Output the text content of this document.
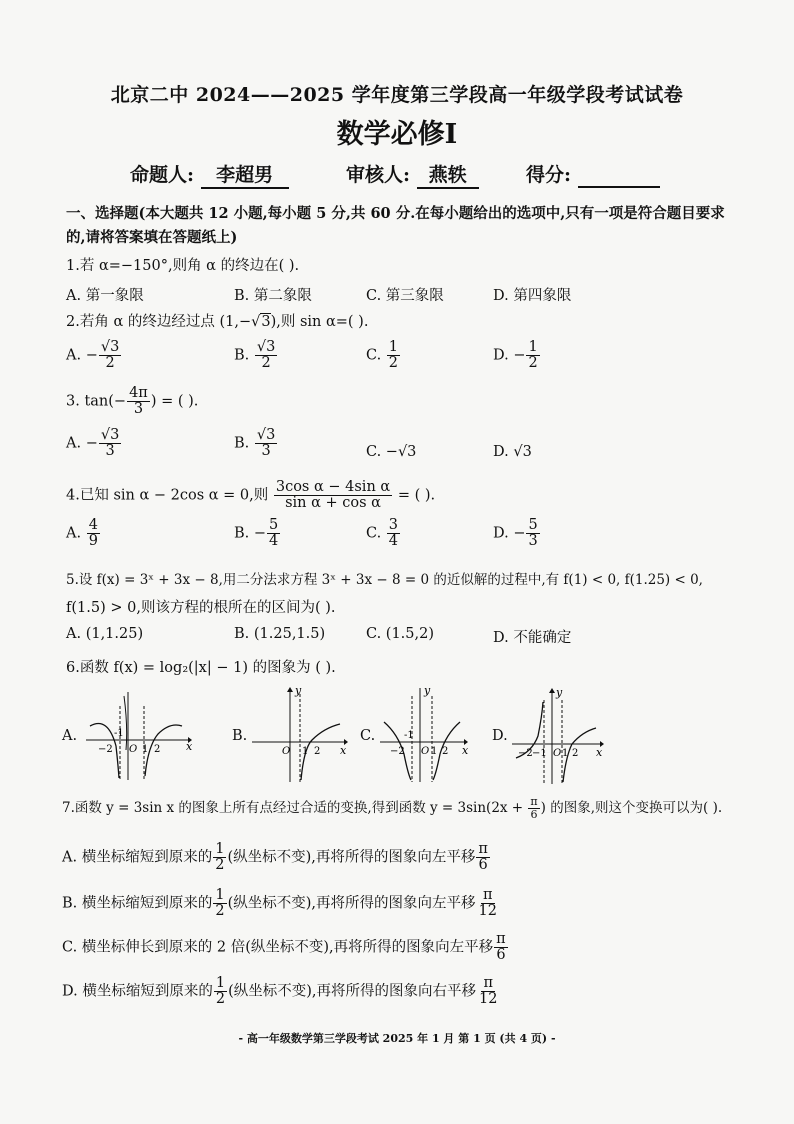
北京二中 2024——2025 学年度第三学段高一年级学段考试试卷
数学必修Ⅰ
命题人: 李超男	审核人: 燕轶	得分:
一、选择题(本大题共 12 小题,每小题 5 分,共 60 分.在每小题给出的选项中,只有一项是符合题目要求
的,请将答案填在答题纸上)
1.若 α=−150°,则角 α 的终边在( ).
A. 第一象限	B. 第二象限	C. 第三象限	D. 第四象限
2.若角 α 的终边经过点 (1,−√3),则 sin α=( ).
A. − $\frac{√3}{2}$	B. $\frac{√3}{2}$	C. $\frac{1}{2}$	D. − $\frac{1}{2}$
3. $\tan(- \frac{4\pi}{3}$ ) = ( ).
A. − $\frac{√3}{3}$	B. $\frac{√3}{3}$	C. −√3	D. √3
4.已知 sin α − 2cos α = 0,则 $\frac{\text{3cos α − 4sin α}}{\text{sin α + cos α}}$ = ( ).
A. $\frac{4}{9}$	B. − $\frac{5}{4}$	C. $\frac{3}{4}$	D. − $\frac{5}{3}$
5.设 f(x) = 3ˣ + 3x − 8,用二分法求方程 3ˣ + 3x − 8 = 0 的近似解的过程中,有 f(1) < 0, f(1.25) < 0,
f(1.5) > 0,则该方程的根所在的区间为( ).
A. (1,1.25)	B. (1.25,1.5)	C. (1.5,2)	D. 不能确定
6.函数 f(x) = log₂(|x| − 1) 的图象为 ( ).
A.	B.	C.	D.
x
−2
-1
O 1 2
y
x
O 1 2
y
x
−2
-1
O 1 2
y
x
−2 −1 O 1 2
7.函数 y = 3sin x 的图象上所有点经过合适的变换,得到函数 $y = 3\sin(2x + \frac{\pi}{6}$ ) 的图象,则这个变换可以为( ).
A. 横坐标缩短到原来的 $\frac{1}{2}$ (纵坐标不变),再将所得的图象向左平移 $\frac{\pi}{6}$
B. 横坐标缩短到原来的 $\frac{1}{2}$ (纵坐标不变),再将所得的图象向左平移 $\frac{\pi}{12}$
C. 横坐标伸长到原来的 2 倍(纵坐标不变),再将所得的图象向左平移 $\frac{\pi}{6}$
D. 横坐标缩短到原来的 $\frac{1}{2}$ (纵坐标不变),再将所得的图象向右平移 $\frac{\pi}{12}$
- 高一年级数学第三学段考试 2025 年 1 月 第 1 页 (共 4 页) -
